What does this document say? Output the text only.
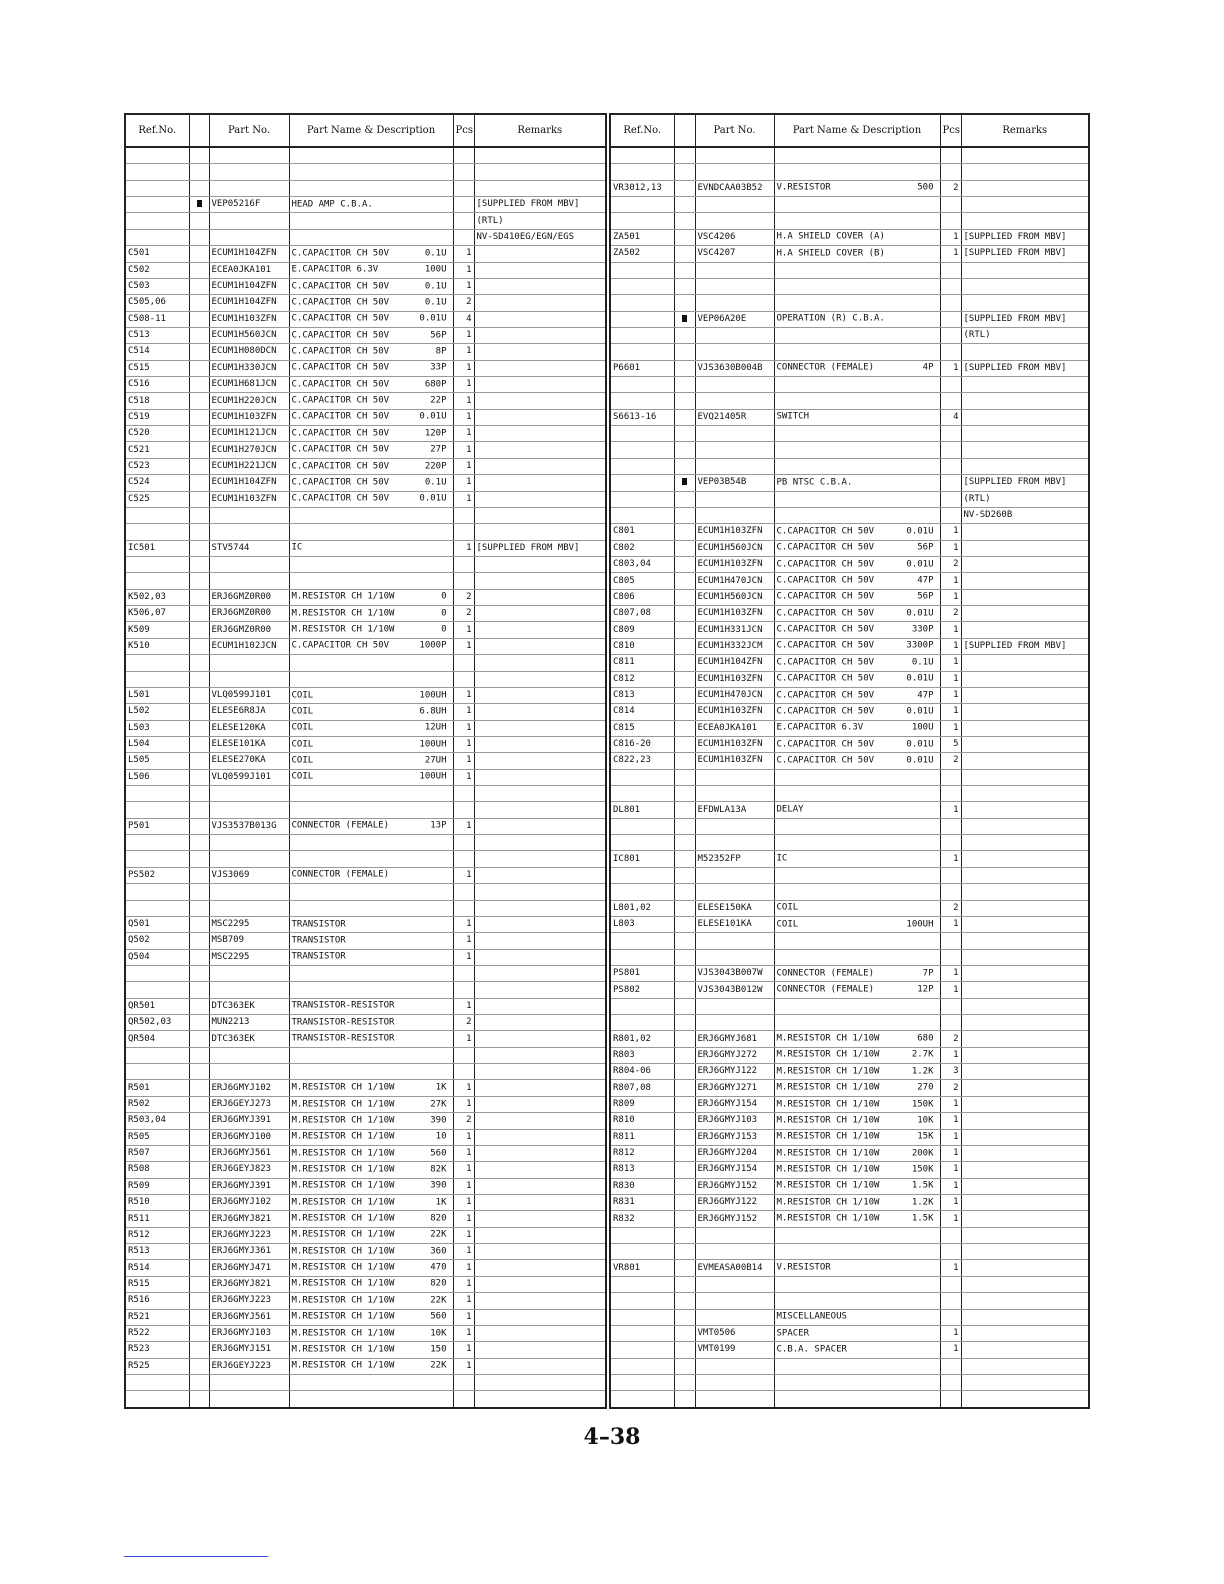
Ref.No.		Part No.	Part Name & Description	Pcs	Remarks

		VEP05216F	HEAD AMP C.B.A.		[SUPPLIED FROM MBV]

		(RTL)

		NV-SD410EG/EGN/EGS
C501		ECUM1H104ZFN	C.CAPACITOR CH 50V 0.1U	1	
C502		ECEA0JKA101	E.CAPACITOR 6.3V 100U	1	
C503		ECUM1H104ZFN	C.CAPACITOR CH 50V 0.1U	1	
C505,06		ECUM1H104ZFN	C.CAPACITOR CH 50V 0.1U	2	
C508-11		ECUM1H103ZFN	C.CAPACITOR CH 50V 0.01U	4	
C513		ECUM1H560JCN	C.CAPACITOR CH 50V 56P	1	
C514		ECUM1H080DCN	C.CAPACITOR CH 50V 8P	1	
C515		ECUM1H330JCN	C.CAPACITOR CH 50V 33P	1	
C516		ECUM1H681JCN	C.CAPACITOR CH 50V 680P	1	
C518		ECUM1H220JCN	C.CAPACITOR CH 50V 22P	1	
C519		ECUM1H103ZFN	C.CAPACITOR CH 50V 0.01U	1	
C520		ECUM1H121JCN	C.CAPACITOR CH 50V 120P	1	
C521		ECUM1H270JCN	C.CAPACITOR CH 50V 27P	1	
C523		ECUM1H221JCN	C.CAPACITOR CH 50V 220P	1	
C524		ECUM1H104ZFN	C.CAPACITOR CH 50V 0.1U	1	
C525		ECUM1H103ZFN	C.CAPACITOR CH 50V 0.01U	1	

IC501		STV5744	IC	1	[SUPPLIED FROM MBV]

K502,03		ERJ6GMZ0R00	M.RESISTOR CH 1/10W 0	2	
K506,07		ERJ6GMZ0R00	M.RESISTOR CH 1/10W 0	2	
K509		ERJ6GMZ0R00	M.RESISTOR CH 1/10W 0	1	
K510		ECUM1H102JCN	C.CAPACITOR CH 50V 1000P	1	

L501		VLQ0599J101	COIL 100UH	1	
L502		ELESE6R8JA	COIL 6.8UH	1	
L503		ELESE120KA	COIL 12UH	1	
L504		ELESE101KA	COIL 100UH	1	
L505		ELESE270KA	COIL 27UH	1	
L506		VLQ0599J101	COIL 100UH	1	

P501		VJS3537B013G	CONNECTOR (FEMALE) 13P	1	

PS502		VJS3069	CONNECTOR (FEMALE)	1	

Q501		MSC2295	TRANSISTOR	1	
Q502		MSB709	TRANSISTOR	1	
Q504		MSC2295	TRANSISTOR	1	

QR501		DTC363EK	TRANSISTOR-RESISTOR	1	
QR502,03		MUN2213	TRANSISTOR-RESISTOR	2	
QR504		DTC363EK	TRANSISTOR-RESISTOR	1	

R501		ERJ6GMYJ102	M.RESISTOR CH 1/10W 1K	1	
R502		ERJ6GEYJ273	M.RESISTOR CH 1/10W 27K	1	
R503,04		ERJ6GMYJ391	M.RESISTOR CH 1/10W 390	2	
R505		ERJ6GMYJ100	M.RESISTOR CH 1/10W 10	1	
R507		ERJ6GMYJ561	M.RESISTOR CH 1/10W 560	1	
R508		ERJ6GEYJ823	M.RESISTOR CH 1/10W 82K	1	
R509		ERJ6GMYJ391	M.RESISTOR CH 1/10W 390	1	
R510		ERJ6GMYJ102	M.RESISTOR CH 1/10W 1K	1	
R511		ERJ6GMYJ821	M.RESISTOR CH 1/10W 820	1	
R512		ERJ6GMYJ223	M.RESISTOR CH 1/10W 22K	1	
R513		ERJ6GMYJ361	M.RESISTOR CH 1/10W 360	1	
R514		ERJ6GMYJ471	M.RESISTOR CH 1/10W 470	1	
R515		ERJ6GMYJ821	M.RESISTOR CH 1/10W 820	1	
R516		ERJ6GMYJ223	M.RESISTOR CH 1/10W 22K	1	
R521		ERJ6GMYJ561	M.RESISTOR CH 1/10W 560	1	
R522		ERJ6GMYJ103	M.RESISTOR CH 1/10W 10K	1	
R523		ERJ6GMYJ151	M.RESISTOR CH 1/10W 150	1	
R525		ERJ6GEYJ223	M.RESISTOR CH 1/10W 22K	1	

Ref.No.		Part No.	Part Name & Description	Pcs	Remarks

VR3012,13		EVNDCAA03B52	V.RESISTOR 500	2	

ZA501		VSC4206	H.A SHIELD COVER (A)	1	[SUPPLIED FROM MBV]
ZA502		VSC4207	H.A SHIELD COVER (B)	1	[SUPPLIED FROM MBV]

		VEP06A20E	OPERATION (R) C.B.A.		[SUPPLIED FROM MBV]

		(RTL)

P6601		VJS3630B004B	CONNECTOR (FEMALE) 4P	1	[SUPPLIED FROM MBV]

S6613-16		EVQ21405R	SWITCH	4	

		VEP03B54B	PB NTSC C.B.A.		[SUPPLIED FROM MBV]

		(RTL)

		NV-SD260B
C801		ECUM1H103ZFN	C.CAPACITOR CH 50V 0.01U	1	
C802		ECUM1H560JCN	C.CAPACITOR CH 50V 56P	1	
C803,04		ECUM1H103ZFN	C.CAPACITOR CH 50V 0.01U	2	
C805		ECUM1H470JCN	C.CAPACITOR CH 50V 47P	1	
C806		ECUM1H560JCN	C.CAPACITOR CH 50V 56P	1	
C807,08		ECUM1H103ZFN	C.CAPACITOR CH 50V 0.01U	2	
C809		ECUM1H331JCN	C.CAPACITOR CH 50V 330P	1	
C810		ECUM1H332JCM	C.CAPACITOR CH 50V 3300P	1	[SUPPLIED FROM MBV]
C811		ECUM1H104ZFN	C.CAPACITOR CH 50V 0.1U	1	
C812		ECUM1H103ZFN	C.CAPACITOR CH 50V 0.01U	1	
C813		ECUM1H470JCN	C.CAPACITOR CH 50V 47P	1	
C814		ECUM1H103ZFN	C.CAPACITOR CH 50V 0.01U	1	
C815		ECEA0JKA101	E.CAPACITOR 6.3V 100U	1	
C816-20		ECUM1H103ZFN	C.CAPACITOR CH 50V 0.01U	5	
C822,23		ECUM1H103ZFN	C.CAPACITOR CH 50V 0.01U	2	

DL801		EFDWLA13A	DELAY	1	

IC801		M52352FP	IC	1	

L801,02		ELESE150KA	COIL	2	
L803		ELESE101KA	COIL 100UH	1	

PS801		VJS3043B007W	CONNECTOR (FEMALE) 7P	1	
PS802		VJS3043B012W	CONNECTOR (FEMALE) 12P	1	

R801,02		ERJ6GMYJ681	M.RESISTOR CH 1/10W 680	2	
R803		ERJ6GMYJ272	M.RESISTOR CH 1/10W 2.7K	1	
R804-06		ERJ6GMYJ122	M.RESISTOR CH 1/10W 1.2K	3	
R807,08		ERJ6GMYJ271	M.RESISTOR CH 1/10W 270	2	
R809		ERJ6GMYJ154	M.RESISTOR CH 1/10W 150K	1	
R810		ERJ6GMYJ103	M.RESISTOR CH 1/10W 10K	1	
R811		ERJ6GMYJ153	M.RESISTOR CH 1/10W 15K	1	
R812		ERJ6GMYJ204	M.RESISTOR CH 1/10W 200K	1	
R813		ERJ6GMYJ154	M.RESISTOR CH 1/10W 150K	1	
R830		ERJ6GMYJ152	M.RESISTOR CH 1/10W 1.5K	1	
R831		ERJ6GMYJ122	M.RESISTOR CH 1/10W 1.2K	1	
R832		ERJ6GMYJ152	M.RESISTOR CH 1/10W 1.5K	1	

VR801		EVMEASA00B14	V.RESISTOR	1	

			MISCELLANEOUS		

		VMT0506	SPACER	1	
		VMT0199	C.B.A. SPACER	1	

4–38
